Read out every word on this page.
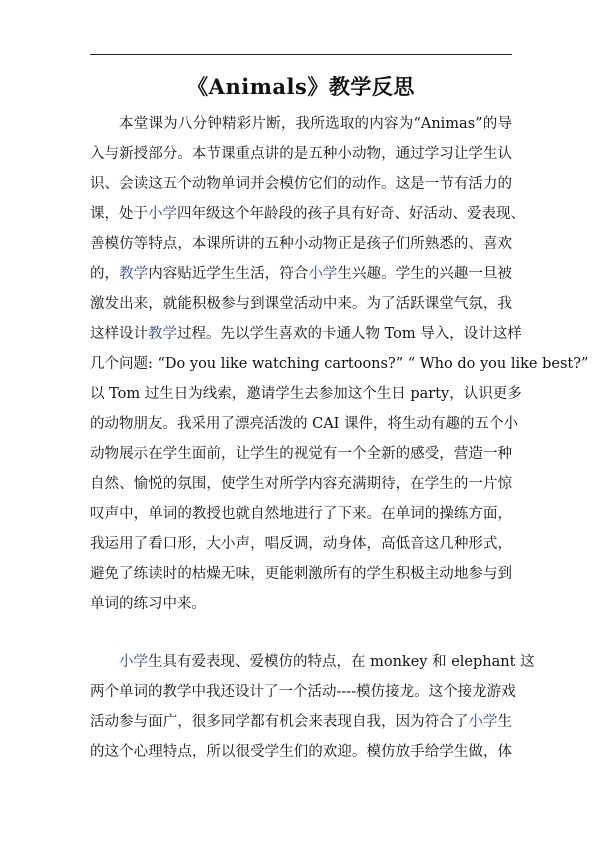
《Animals》教学反思
本堂课为八分钟精彩片断，我所选取的内容为“Animas”的导
入与新授部分。本节课重点讲的是五种小动物，通过学习让学生认
识、会读这五个动物单词并会模仿它们的动作。这是一节有活力的
课，处于小学四年级这个年龄段的孩子具有好奇、好活动、爱表现、
善模仿等特点，本课所讲的五种小动物正是孩子们所熟悉的、喜欢
的，教学内容贴近学生生活，符合小学生兴趣。学生的兴趣一旦被
激发出来，就能积极参与到课堂活动中来。为了活跃课堂气氛，我
这样设计教学过程。先以学生喜欢的卡通人物 Tom 导入，设计这样
几个问题: “Do you like watching cartoons?” “ Who do you like best?”
以 Tom 过生日为线索，邀请学生去参加这个生日 party，认识更多
的动物朋友。我采用了漂亮活泼的 CAI 课件，将生动有趣的五个小
动物展示在学生面前，让学生的视觉有一个全新的感受，营造一种
自然、愉悦的氛围，使学生对所学内容充满期待，在学生的一片惊
叹声中，单词的教授也就自然地进行了下来。在单词的操练方面，
我运用了看口形，大小声，唱反调，动身体，高低音这几种形式，
避免了练读时的枯燥无味，更能刺激所有的学生积极主动地参与到
单词的练习中来。
小学生具有爱表现、爱模仿的特点，在 monkey 和 elephant 这
两个单词的教学中我还设计了一个活动----模仿接龙。这个接龙游戏
活动参与面广，很多同学都有机会来表现自我，因为符合了小学生
的这个心理特点，所以很受学生们的欢迎。模仿放手给学生做，体
